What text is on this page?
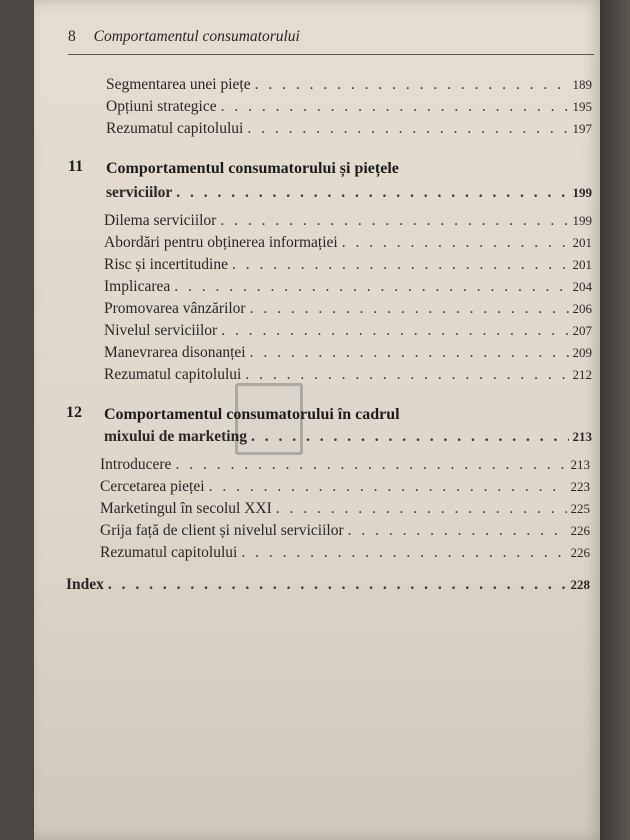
8 Comportamentul consumatorului
Segmentarea unei piețe . . .	189
Opțiuni strategice . . .	195
Rezumatul capitolului . . .	197
11 Comportamentul consumatorului și piețele
serviciilor . . .	199
Dilema serviciilor . . .	199
Abordări pentru obținerea informației . . .	201
Risc și incertitudine . . .	201
Implicarea . . .	204
Promovarea vânzărilor . . .	206
Nivelul serviciilor . . .	207
Manevrarea disonanței . . .	209
Rezumatul capitolului . . .	212
12 Comportamentul consumatorului în cadrul
mixului de marketing . . .	213
Introducere . . .	213
Cercetarea pieței . . .	223
Marketingul în secolul XXI . . .	225
Grija față de client și nivelul serviciilor . . .	226
Rezumatul capitolului . . .	226
Index . . .	228
